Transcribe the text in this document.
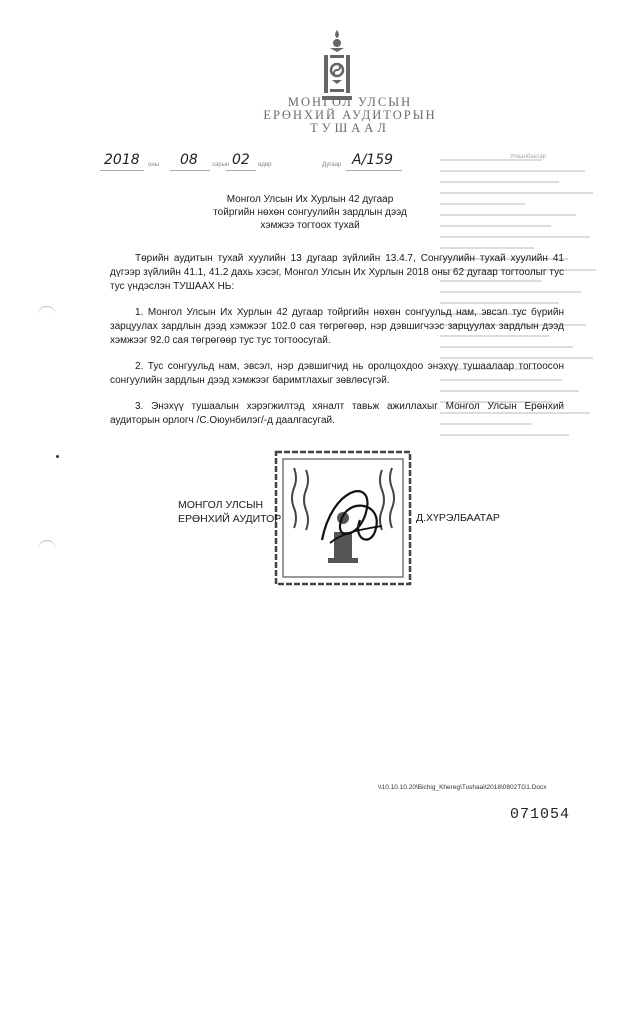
МОНГОЛ УЛСЫН
ЕРӨНХИЙ АУДИТОРЫН
ТУШААЛ
2018 оны 08 сарын 02 өдөр	Дугаар A/159	Улаанбаатар
Монгол Улсын Их Хурлын 42 дугаар
тойргийн нөхөн сонгуулийн зардлын дээд
хэмжээ тогтоох тухай

Төрийн аудитын тухай хуулийн 13 дугаар зүйлийн 13.4.7, Сонгуулийн тухай хуулийн 41 дүгээр зүйлийн 41.1, 41.2 дахь хэсэг, Монгол Улсын Их Хурлын 2018 оны 62 дугаар тогтоолыг тус тус үндэслэн ТУШААХ НЬ:

1. Монгол Улсын Их Хурлын 42 дугаар тойргийн нөхөн сонгуульд нам, эвсэл тус бүрийн зарцуулах зардлын дээд хэмжээг 102.0 сая төгрөгөөр, нэр дэвшигчээс зарцуулах зардлын дээд хэмжээг 92.0 сая төгрөгөөр тус тус тогтоосугай.

2. Тус сонгуульд нам, эвсэл, нэр дэвшигчид нь оролцохдоо энэхүү тушаалаар тогтоосон сонгуулийн зардлын дээд хэмжээг баримтлахыг зөвлөсүгэй.

3. Энэхүү тушаалын хэрэгжилтэд хяналт тавьж ажиллахыг Монгол Улсын Ерөнхий аудиторын орлогч /С.Оюунбилэг/-д даалгасугай.

МОНГОЛ УЛСЫН
ЕРӨНХИЙ АУДИТОР	Д.ХҮРЭЛБААТАР
\\10.10.10.20\Bichig_Khereg\Tushaal\2018\0802TG1.Docx
071054
